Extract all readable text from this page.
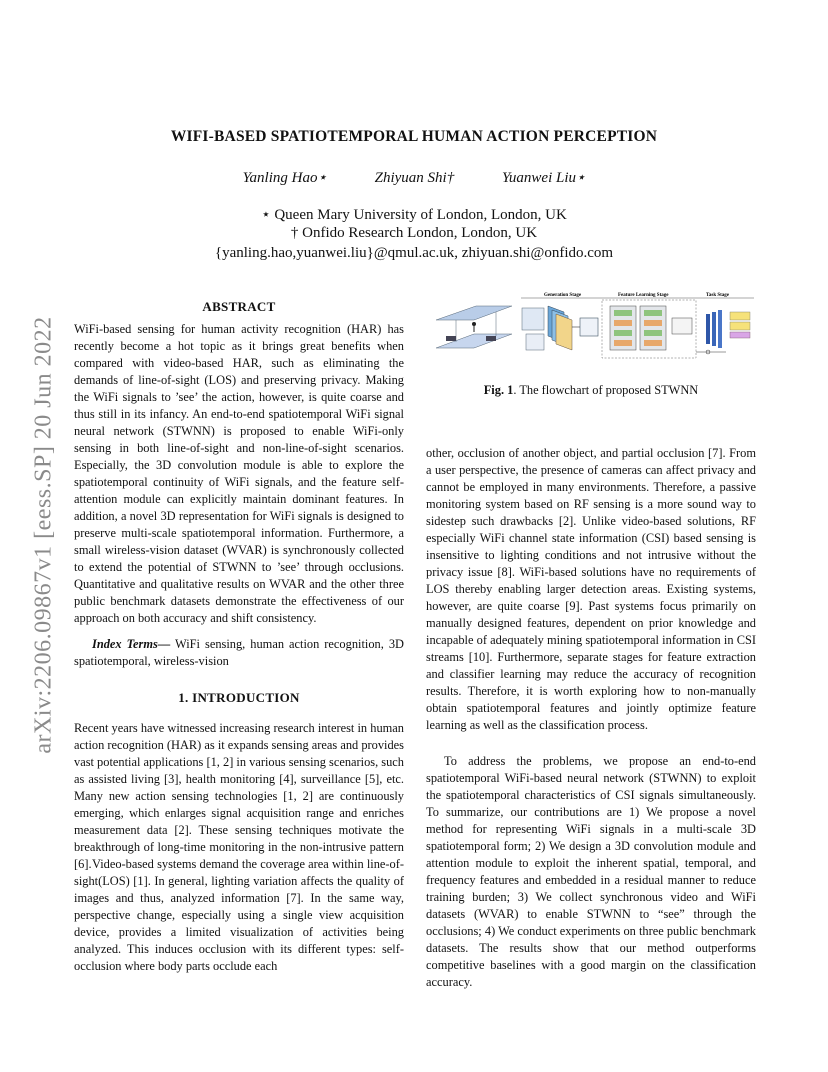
arXiv:2206.09867v1 [eess.SP] 20 Jun 2022
WIFI-BASED SPATIOTEMPORAL HUMAN ACTION PERCEPTION
Yanling Hao⋆	Zhiyuan Shi†	Yuanwei Liu⋆
⋆ Queen Mary University of London, London, UK
† Onfido Research London, London, UK
{yanling.hao,yuanwei.liu}@qmul.ac.uk, zhiyuan.shi@onfido.com
ABSTRACT
WiFi-based sensing for human activity recognition (HAR) has recently become a hot topic as it brings great benefits when compared with video-based HAR, such as eliminating the demands of line-of-sight (LOS) and preserving privacy. Making the WiFi signals to ’see’ the action, however, is quite coarse and thus still in its infancy. An end-to-end spatiotemporal WiFi signal neural network (STWNN) is proposed to enable WiFi-only sensing in both line-of-sight and non-line-of-sight scenarios. Especially, the 3D convolution module is able to explore the spatiotemporal continuity of WiFi signals, and the feature self-attention module can explicitly maintain dominant features. In addition, a novel 3D representation for WiFi signals is designed to preserve multi-scale spatiotemporal information. Furthermore, a small wireless-vision dataset (WVAR) is synchronously collected to extend the potential of STWNN to ’see’ through occlusions. Quantitative and qualitative results on WVAR and the other three public benchmark datasets demonstrate the effectiveness of our approach on both accuracy and shift consistency.
Index Terms— WiFi sensing, human action recognition, 3D spatiotemporal, wireless-vision
1. INTRODUCTION
Recent years have witnessed increasing research interest in human action recognition (HAR) as it expands sensing areas and provides vast potential applications [1, 2] in various sensing scenarios, such as assisted living [3], health monitoring [4], surveillance [5], etc. Many new action sensing technologies [1, 2] are continuously emerging, which enlarges signal acquisition range and enriches measurement data [2]. These sensing techniques motivate the breakthrough of long-time monitoring in the non-intrusive pattern [6]. Video-based systems demand the coverage area within line-of-sight(LOS) [1]. In general, lighting variation affects the quality of images and thus, analyzed information [7]. In the same way, perspective change, especially using a single view acquisition device, provides a limited visualization of activities being analyzed. This induces occlusion with its different types: self-occlusion where body parts occlude each
Generation Stage	Feature Learning Stage	Task Stage
Fig. 1. The flowchart of proposed STWNN
other, occlusion of another object, and partial occlusion [7]. From a user perspective, the presence of cameras can affect privacy and cannot be employed in many environments. Therefore, a passive monitoring system based on RF sensing is a more sound way to sidestep such drawbacks [2]. Unlike video-based solutions, RF especially WiFi channel state information (CSI) based sensing is insensitive to lighting conditions and not intrusive without the privacy issue [8]. WiFi-based solutions have no requirements of LOS thereby enabling larger detection areas. Existing systems, however, are quite coarse [9]. Past systems focus primarily on manually designed features, dependent on prior knowledge and incapable of adequately mining spatiotemporal information in CSI streams [10]. Furthermore, separate stages for feature extraction and classifier learning may reduce the accuracy of recognition results. Therefore, it is worth exploring how to non-manually obtain spatiotemporal features and jointly optimize feature learning as well as the classification process.
To address the problems, we propose an end-to-end spatiotemporal WiFi-based neural network (STWNN) to exploit the spatiotemporal characteristics of CSI signals simultaneously. To summarize, our contributions are 1) We propose a novel method for representing WiFi signals in a multi-scale 3D spatiotemporal form; 2) We design a 3D convolution module and attention module to exploit the inherent spatial, temporal, and frequency features and embedded in a residual manner to reduce training burden; 3) We collect synchronous video and WiFi datasets (WVAR) to enable STWNN to “see” through the occlusions; 4) We conduct experiments on three public benchmark datasets. The results show that our method outperforms competitive baselines with a good margin on the classification accuracy.
